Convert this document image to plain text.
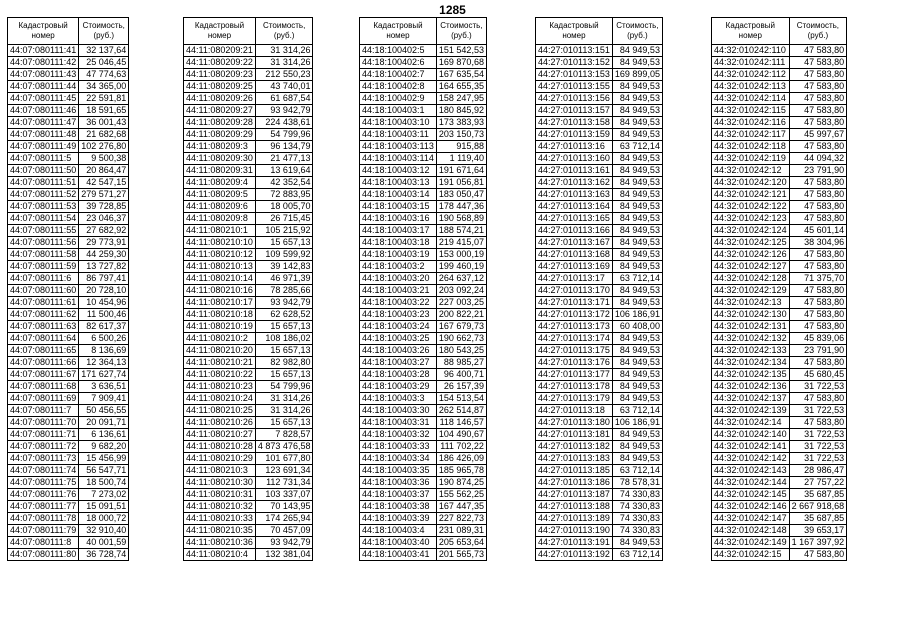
1285
Кадастровый
номер	Стоимость,
(руб.)

44:07:080111:41	32 137,64
44:07:080111:42	25 046,45
44:07:080111:43	47 774,63
44:07:080111:44	34 365,00
44:07:080111:45	22 591,81
44:07:080111:46	18 591,65
44:07:080111:47	36 001,43
44:07:080111:48	21 682,68
44:07:080111:49	102 276,80
44:07:080111:5	9 500,38
44:07:080111:50	20 864,47
44:07:080111:51	42 547,15
44:07:080111:52	279 571,27
44:07:080111:53	39 728,85
44:07:080111:54	23 046,37
44:07:080111:55	27 682,92
44:07:080111:56	29 773,91
44:07:080111:58	44 259,30
44:07:080111:59	13 727,82
44:07:080111:6	86 797,41
44:07:080111:60	20 728,10
44:07:080111:61	10 454,96
44:07:080111:62	11 500,46
44:07:080111:63	82 617,37
44:07:080111:64	6 500,26
44:07:080111:65	8 136,69
44:07:080111:66	12 364,13
44:07:080111:67	171 627,74
44:07:080111:68	3 636,51
44:07:080111:69	7 909,41
44:07:080111:7	50 456,55
44:07:080111:70	20 091,71
44:07:080111:71	6 136,61
44:07:080111:72	9 682,20
44:07:080111:73	15 456,99
44:07:080111:74	56 547,71
44:07:080111:75	18 500,74
44:07:080111:76	7 273,02
44:07:080111:77	15 091,51
44:07:080111:78	18 000,72
44:07:080111:79	32 910,40
44:07:080111:8	40 001,59
44:07:080111:80	36 728,74
Кадастровый
номер	Стоимость,
(руб.)

44:11:080209:21	31 314,26
44:11:080209:22	31 314,26
44:11:080209:23	212 550,23
44:11:080209:25	43 740,01
44:11:080209:26	61 687,54
44:11:080209:27	93 942,79
44:11:080209:28	224 438,61
44:11:080209:29	54 799,96
44:11:080209:3	96 134,79
44:11:080209:30	21 477,13
44:11:080209:31	13 619,64
44:11:080209:4	42 352,54
44:11:080209:5	72 883,95
44:11:080209:6	18 005,70
44:11:080209:8	26 715,45
44:11:080210:1	105 215,92
44:11:080210:10	15 657,13
44:11:080210:12	109 599,92
44:11:080210:13	39 142,83
44:11:080210:14	46 971,39
44:11:080210:16	78 285,66
44:11:080210:17	93 942,79
44:11:080210:18	62 628,52
44:11:080210:19	15 657,13
44:11:080210:2	108 186,02
44:11:080210:20	15 657,13
44:11:080210:21	82 982,80
44:11:080210:22	15 657,13
44:11:080210:23	54 799,96
44:11:080210:24	31 314,26
44:11:080210:25	31 314,26
44:11:080210:26	15 657,13
44:11:080210:27	7 828,57
44:11:080210:28	4 873 476,58
44:11:080210:29	101 677,80
44:11:080210:3	123 691,34
44:11:080210:30	112 731,34
44:11:080210:31	103 337,07
44:11:080210:32	70 143,95
44:11:080210:33	174 265,94
44:11:080210:35	70 457,09
44:11:080210:36	93 942,79
44:11:080210:4	132 381,04
Кадастровый
номер	Стоимость,
(руб.)

44:18:100402:5	151 542,53
44:18:100402:6	169 870,68
44:18:100402:7	167 635,54
44:18:100402:8	164 655,35
44:18:100402:9	158 247,95
44:18:100403:1	180 845,92
44:18:100403:10	173 383,93
44:18:100403:11	203 150,73
44:18:100403:113	915,88
44:18:100403:114	1 119,40
44:18:100403:12	191 671,64
44:18:100403:13	191 056,81
44:18:100403:14	183 050,47
44:18:100403:15	178 447,36
44:18:100403:16	190 568,89
44:18:100403:17	188 574,21
44:18:100403:18	219 415,07
44:18:100403:19	153 000,19
44:18:100403:2	199 460,19
44:18:100403:20	264 637,12
44:18:100403:21	203 092,24
44:18:100403:22	227 003,25
44:18:100403:23	200 822,21
44:18:100403:24	167 679,73
44:18:100403:25	190 662,73
44:18:100403:26	180 543,25
44:18:100403:27	88 985,27
44:18:100403:28	96 400,71
44:18:100403:29	26 157,39
44:18:100403:3	154 513,54
44:18:100403:30	262 514,87
44:18:100403:31	118 146,57
44:18:100403:32	104 490,67
44:18:100403:33	111 702,22
44:18:100403:34	186 426,09
44:18:100403:35	185 965,78
44:18:100403:36	190 874,25
44:18:100403:37	155 562,25
44:18:100403:38	167 447,35
44:18:100403:39	227 822,73
44:18:100403:4	231 089,31
44:18:100403:40	205 653,64
44:18:100403:41	201 565,73
Кадастровый
номер	Стоимость,
(руб.)

44:27:010113:151	84 949,53
44:27:010113:152	84 949,53
44:27:010113:153	169 899,05
44:27:010113:155	84 949,53
44:27:010113:156	84 949,53
44:27:010113:157	84 949,53
44:27:010113:158	84 949,53
44:27:010113:159	84 949,53
44:27:010113:16	63 712,14
44:27:010113:160	84 949,53
44:27:010113:161	84 949,53
44:27:010113:162	84 949,53
44:27:010113:163	84 949,53
44:27:010113:164	84 949,53
44:27:010113:165	84 949,53
44:27:010113:166	84 949,53
44:27:010113:167	84 949,53
44:27:010113:168	84 949,53
44:27:010113:169	84 949,53
44:27:010113:17	63 712,14
44:27:010113:170	84 949,53
44:27:010113:171	84 949,53
44:27:010113:172	106 186,91
44:27:010113:173	60 408,00
44:27:010113:174	84 949,53
44:27:010113:175	84 949,53
44:27:010113:176	84 949,53
44:27:010113:177	84 949,53
44:27:010113:178	84 949,53
44:27:010113:179	84 949,53
44:27:010113:18	63 712,14
44:27:010113:180	106 186,91
44:27:010113:181	84 949,53
44:27:010113:182	84 949,53
44:27:010113:183	84 949,53
44:27:010113:185	63 712,14
44:27:010113:186	78 578,31
44:27:010113:187	74 330,83
44:27:010113:188	74 330,83
44:27:010113:189	74 330,83
44:27:010113:190	74 330,83
44:27:010113:191	84 949,53
44:27:010113:192	63 712,14
Кадастровый
номер	Стоимость,
(руб.)

44:32:010242:110	47 583,80
44:32:010242:111	47 583,80
44:32:010242:112	47 583,80
44:32:010242:113	47 583,80
44:32:010242:114	47 583,80
44:32:010242:115	47 583,80
44:32:010242:116	47 583,80
44:32:010242:117	45 997,67
44:32:010242:118	47 583,80
44:32:010242:119	44 094,32
44:32:010242:12	23 791,90
44:32:010242:120	47 583,80
44:32:010242:121	47 583,80
44:32:010242:122	47 583,80
44:32:010242:123	47 583,80
44:32:010242:124	45 601,14
44:32:010242:125	38 304,96
44:32:010242:126	47 583,80
44:32:010242:127	47 583,80
44:32:010242:128	71 375,70
44:32:010242:129	47 583,80
44:32:010242:13	47 583,80
44:32:010242:130	47 583,80
44:32:010242:131	47 583,80
44:32:010242:132	45 839,06
44:32:010242:133	23 791,90
44:32:010242:134	47 583,80
44:32:010242:135	45 680,45
44:32:010242:136	31 722,53
44:32:010242:137	47 583,80
44:32:010242:139	31 722,53
44:32:010242:14	47 583,80
44:32:010242:140	31 722,53
44:32:010242:141	31 722,53
44:32:010242:142	31 722,53
44:32:010242:143	28 986,47
44:32:010242:144	27 757,22
44:32:010242:145	35 687,85
44:32:010242:146	2 667 918,68
44:32:010242:147	35 687,85
44:32:010242:148	39 653,17
44:32:010242:149	1 167 397,92
44:32:010242:15	47 583,80
